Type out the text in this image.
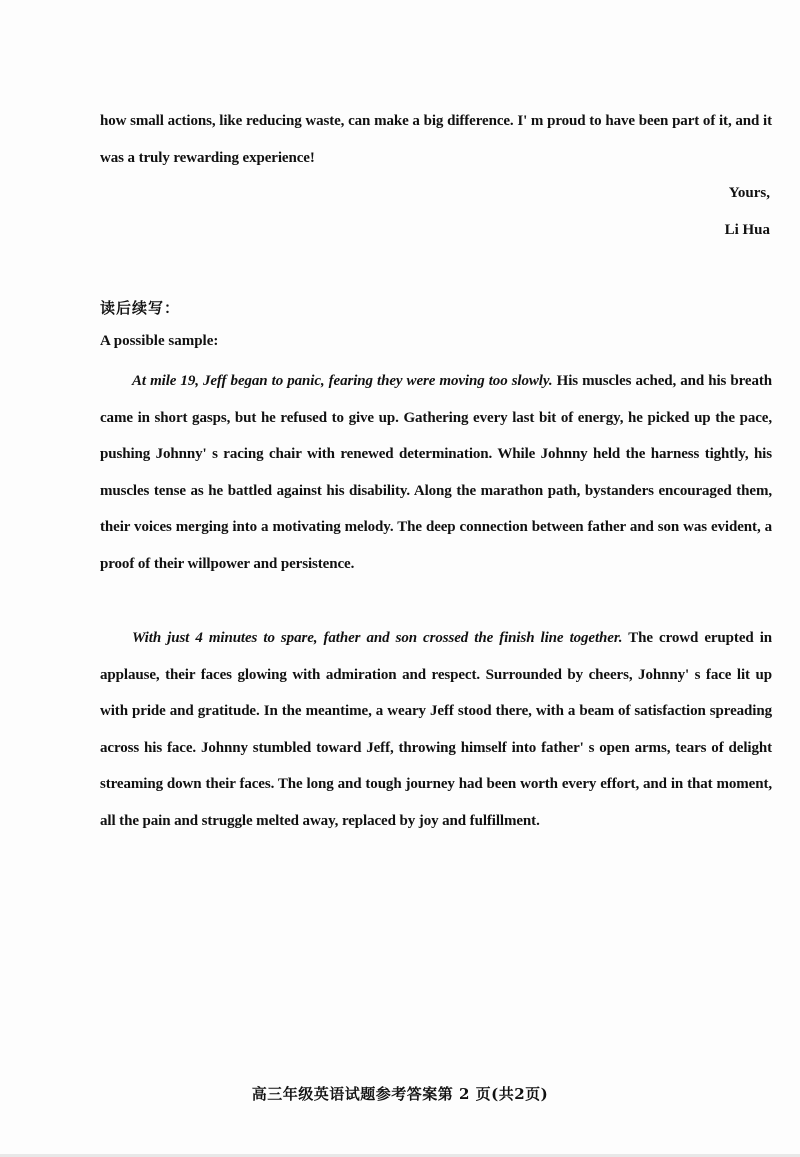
how small actions, like reducing waste, can make a big difference. I' m proud to have been part of it, and it was a truly rewarding experience!
Yours,
Li Hua
读后续写：
A possible sample:
At mile 19, Jeff began to panic, fearing they were moving too slowly. His muscles ached, and his breath came in short gasps, but he refused to give up. Gathering every last bit of energy, he picked up the pace, pushing Johnny' s racing chair with renewed determination. While Johnny held the harness tightly, his muscles tense as he battled against his disability. Along the marathon path, bystanders encouraged them, their voices merging into a motivating melody. The deep connection between father and son was evident, a proof of their willpower and persistence.
With just 4 minutes to spare, father and son crossed the finish line together. The crowd erupted in applause, their faces glowing with admiration and respect. Surrounded by cheers, Johnny' s face lit up with pride and gratitude. In the meantime, a weary Jeff stood there, with a beam of satisfaction spreading across his face. Johnny stumbled toward Jeff, throwing himself into father' s open arms, tears of delight streaming down their faces. The long and tough journey had been worth every effort, and in that moment, all the pain and struggle melted away, replaced by joy and fulfillment.
高三年级英语试题参考答案第 2 页(共2页)
